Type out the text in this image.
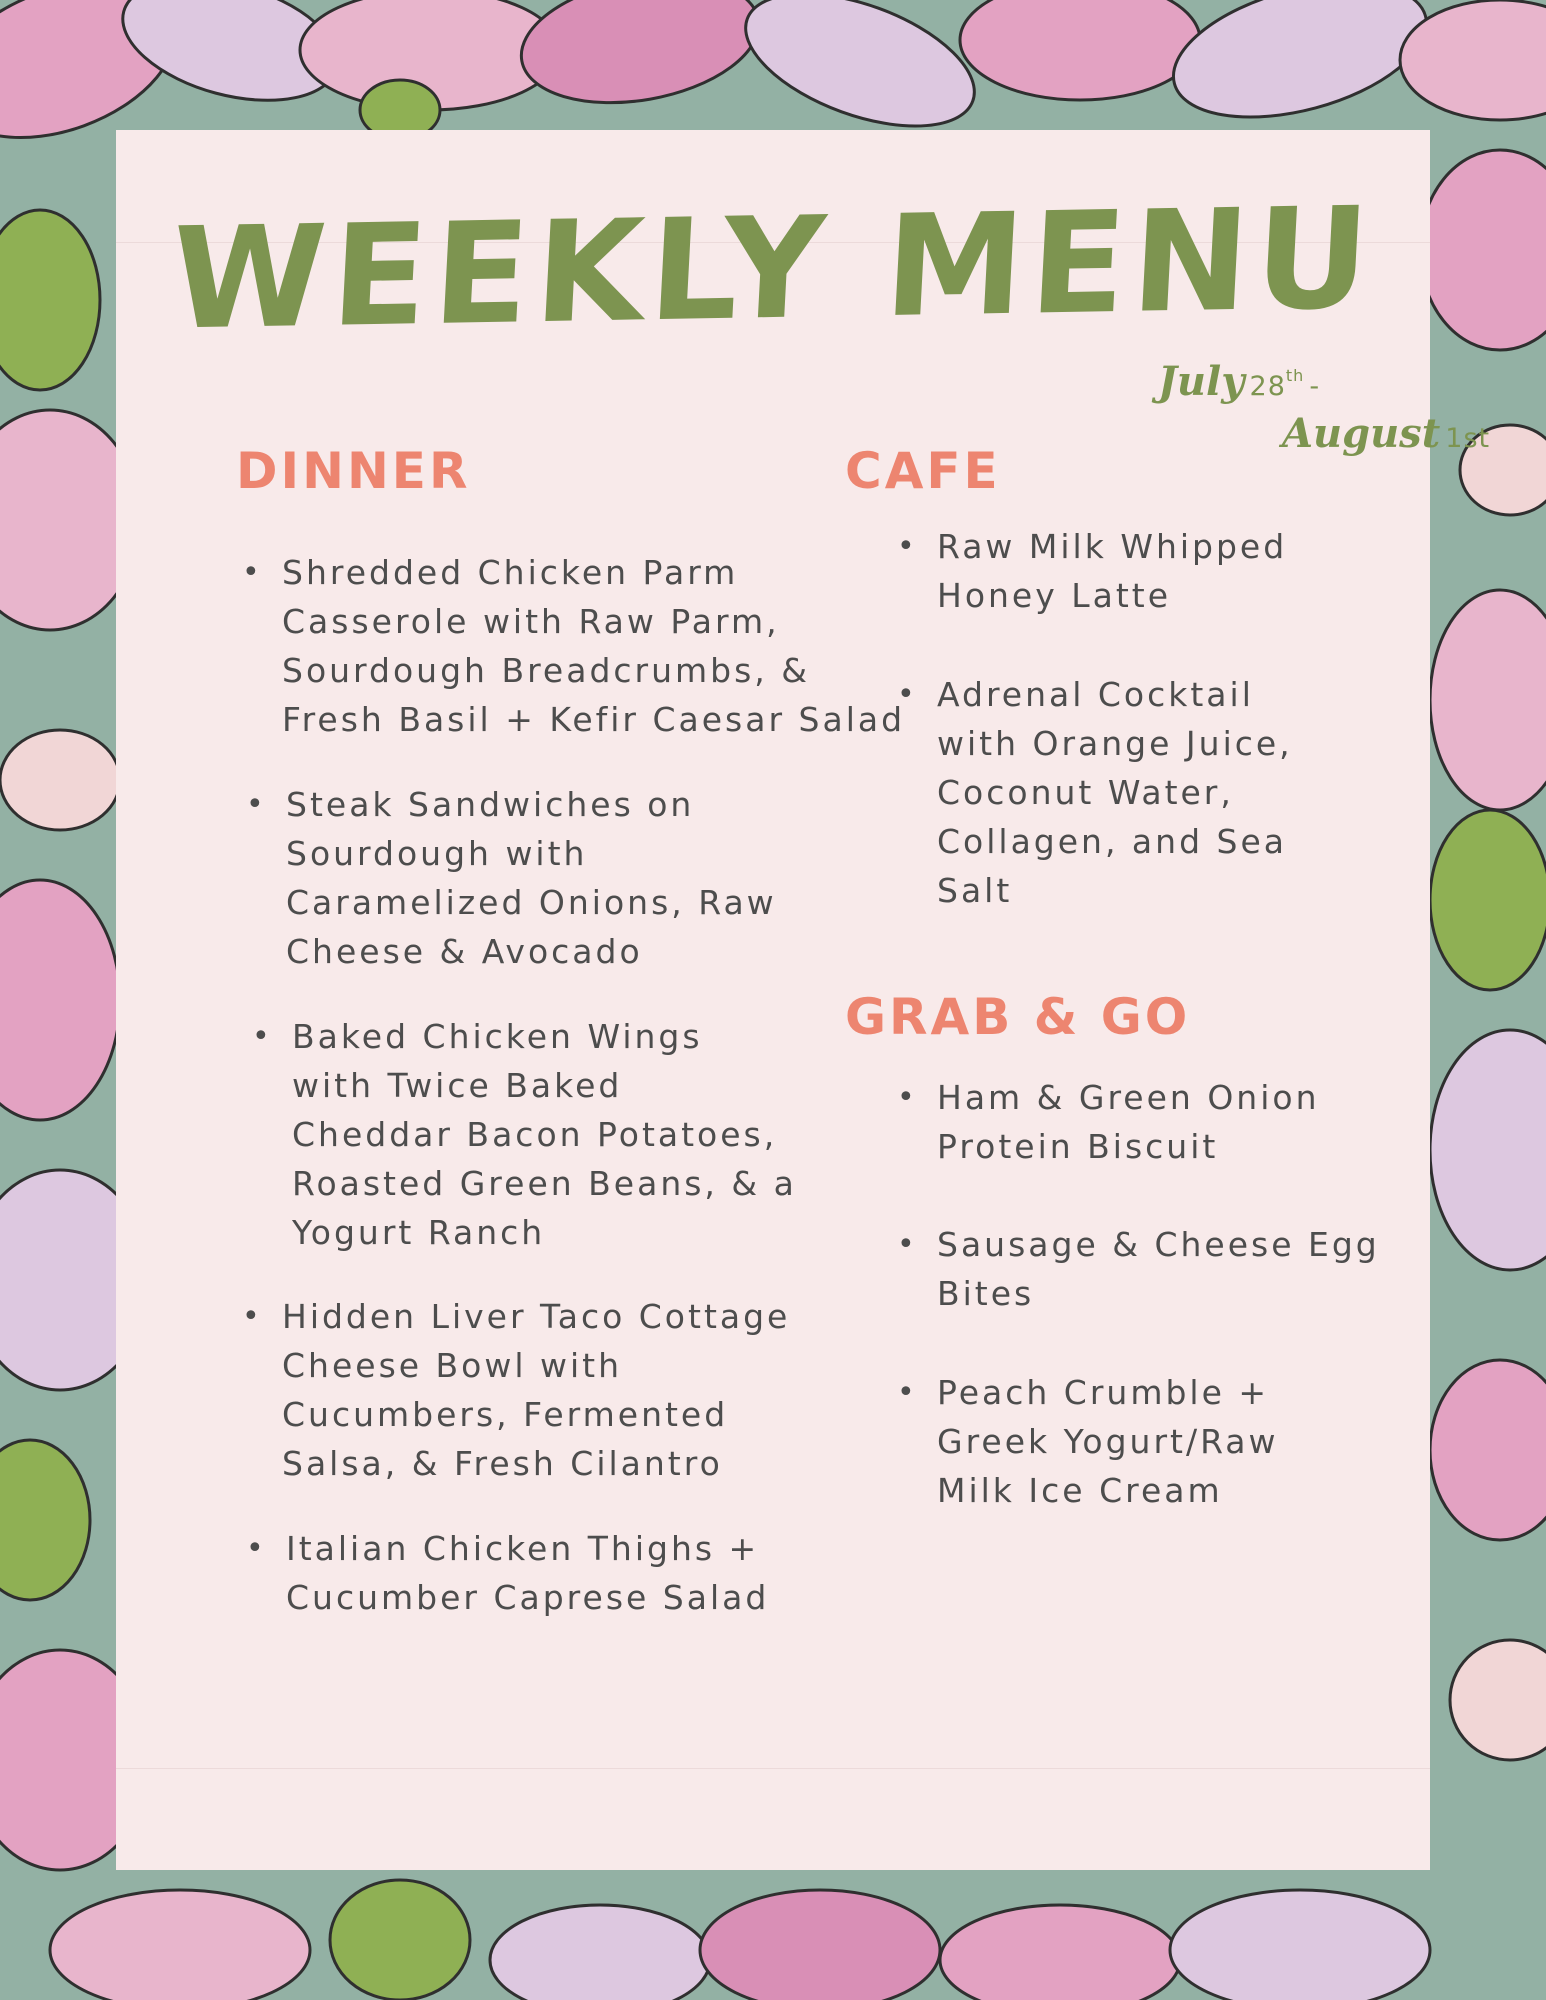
WEEKLY MENU
July 28th -
August 1st
DINNER
• Shredded Chicken Parm
Casserole with Raw Parm,
Sourdough Breadcrumbs, &
Fresh Basil + Kefir Caesar Salad
• Steak Sandwiches on
Sourdough with
Caramelized Onions, Raw
Cheese & Avocado
• Baked Chicken Wings
with Twice Baked
Cheddar Bacon Potatoes,
Roasted Green Beans, & a
Yogurt Ranch
• Hidden Liver Taco Cottage
Cheese Bowl with
Cucumbers, Fermented
Salsa, & Fresh Cilantro
• Italian Chicken Thighs +
Cucumber Caprese Salad
CAFE
• Raw Milk Whipped
Honey Latte
• Adrenal Cocktail
with Orange Juice,
Coconut Water,
Collagen, and Sea
Salt
GRAB & GO
• Ham & Green Onion
Protein Biscuit
• Sausage & Cheese Egg
Bites
• Peach Crumble +
Greek Yogurt/Raw
Milk Ice Cream
